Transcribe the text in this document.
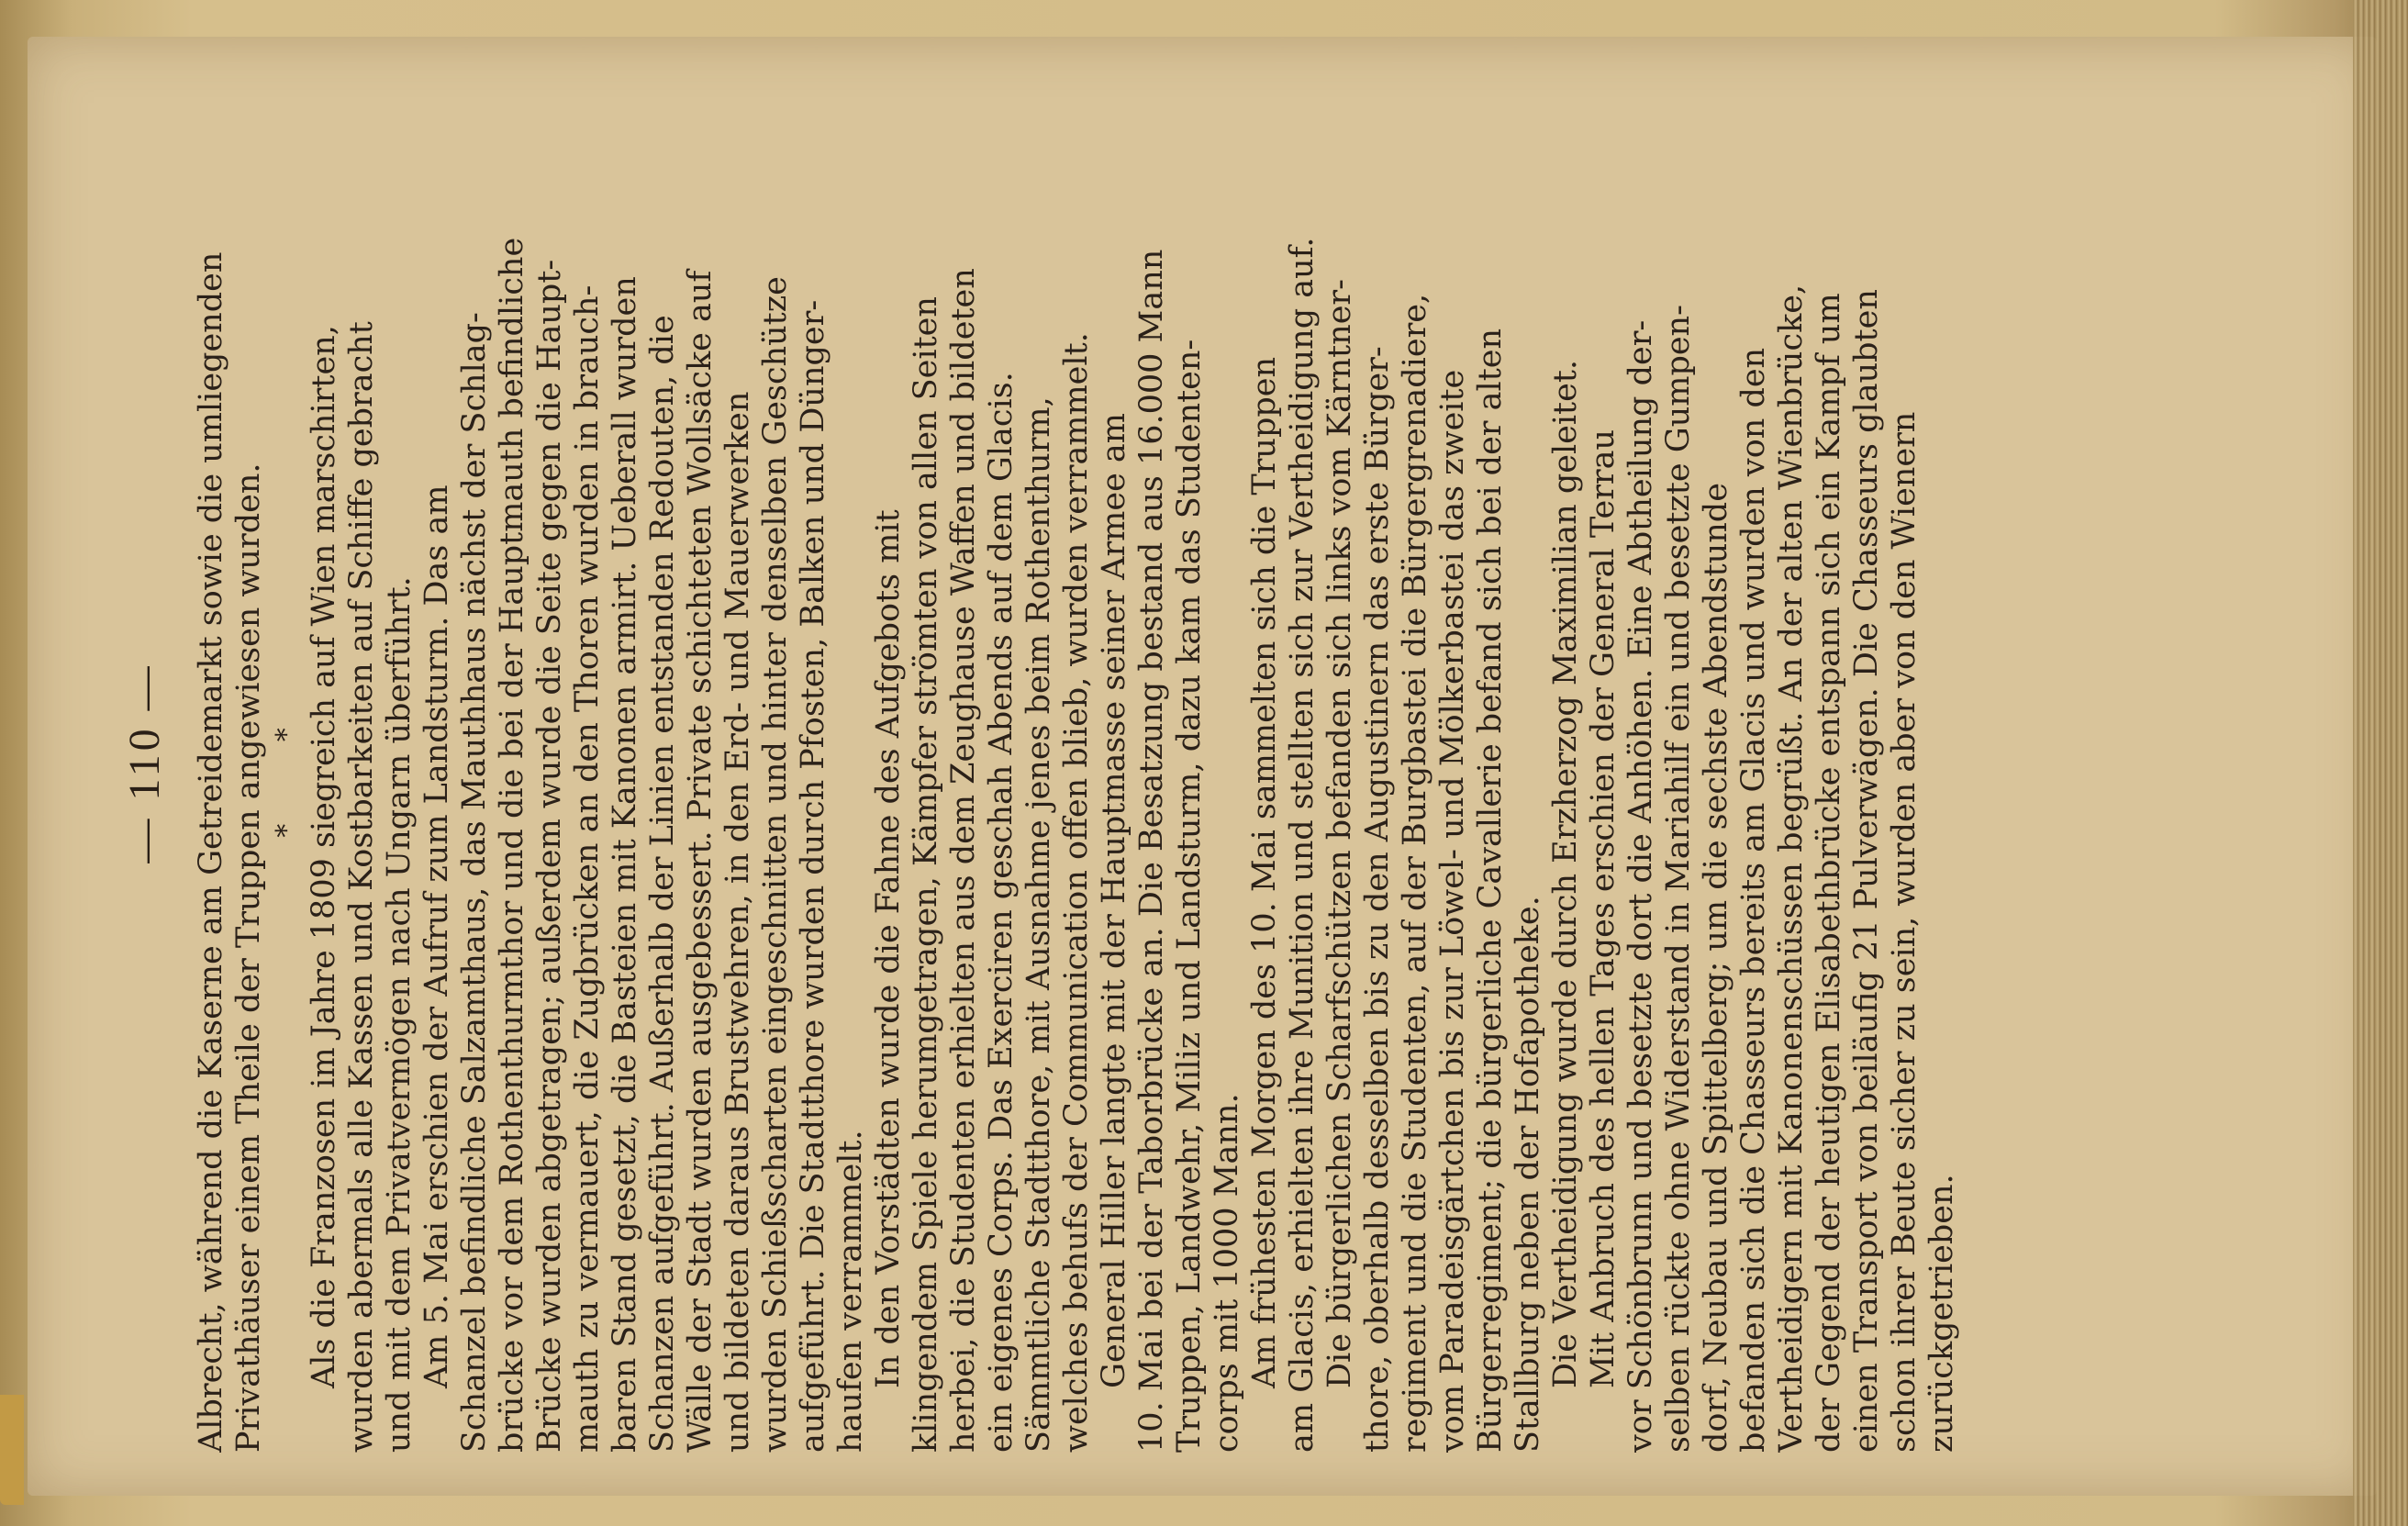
— 110 — Albrecht, während die Kaserne am Getreidemarkt sowie die umliegenden Privathäuser einem Theile der Truppen angewiesen wurden. * * Als die Franzosen im Jahre 1809 siegreich auf Wien marschirten, wurden abermals alle Kassen und Kostbarkeiten auf Schiffe gebracht und mit dem Privatvermögen nach Ungarn überführt. Am 5. Mai erschien der Aufruf zum Landsturm. Das am Schanzel befindliche Salzamthaus, das Mauthhaus nächst der Schlag- brücke vor dem Rothenthurmthor und die bei der Hauptmauth befindliche Brücke wurden abgetragen; außerdem wurde die Seite gegen die Haupt- mauth zu vermauert, die Zugbrücken an den Thoren wurden in brauch- baren Stand gesetzt, die Basteien mit Kanonen armirt. Ueberall wurden Schanzen aufgeführt. Außerhalb der Linien entstanden Redouten, die Wälle der Stadt wurden ausgebessert. Private schichteten Wollsäcke auf und bildeten daraus Brustwehren, in den Erd- und Mauerwerken wurden Schießscharten eingeschnitten und hinter denselben Geschütze aufgeführt. Die Stadtthore wurden durch Pfosten, Balken und Dünger- haufen verrammelt. In den Vorstädten wurde die Fahne des Aufgebots mit klingendem Spiele herumgetragen, Kämpfer strömten von allen Seiten herbei, die Studenten erhielten aus dem Zeughause Waffen und bildeten ein eigenes Corps. Das Exerciren geschah Abends auf dem Glacis. Sämmtliche Stadtthore, mit Ausnahme jenes beim Rothenthurm, welches behufs der Communication offen blieb, wurden verrammelt. General Hiller langte mit der Hauptmasse seiner Armee am 10. Mai bei der Taborbrücke an. Die Besatzung bestand aus 16.000 Mann Truppen, Landwehr, Miliz und Landsturm, dazu kam das Studenten- corps mit 1000 Mann. Am frühesten Morgen des 10. Mai sammelten sich die Truppen am Glacis, erhielten ihre Munition und stellten sich zur Vertheidigung auf. Die bürgerlichen Scharfschützen befanden sich links vom Kärntner- thore, oberhalb desselben bis zu den Augustinern das erste Bürger- regiment und die Studenten, auf der Burgbastei die Bürgergrenadiere, vom Paradeisgärtchen bis zur Löwel- und Mölkerbastei das zweite Bürgerregiment; die bürgerliche Cavallerie befand sich bei der alten Stallburg neben der Hofapotheke. Die Vertheidigung wurde durch Erzherzog Maximilian geleitet. Mit Anbruch des hellen Tages erschien der General Terrau vor Schönbrunn und besetzte dort die Anhöhen. Eine Abtheilung der- selben rückte ohne Widerstand in Mariahilf ein und besetzte Gumpen- dorf, Neubau und Spittelberg; um die sechste Abendstunde befanden sich die Chasseurs bereits am Glacis und wurden von den Vertheidigern mit Kanonenschüssen begrüßt. An der alten Wienbrücke, der Gegend der heutigen Elisabethbrücke entspann sich ein Kampf um einen Transport von beiläufig 21 Pulverwägen. Die Chasseurs glaubten schon ihrer Beute sicher zu sein, wurden aber von den Wienern zurückgetrieben.
